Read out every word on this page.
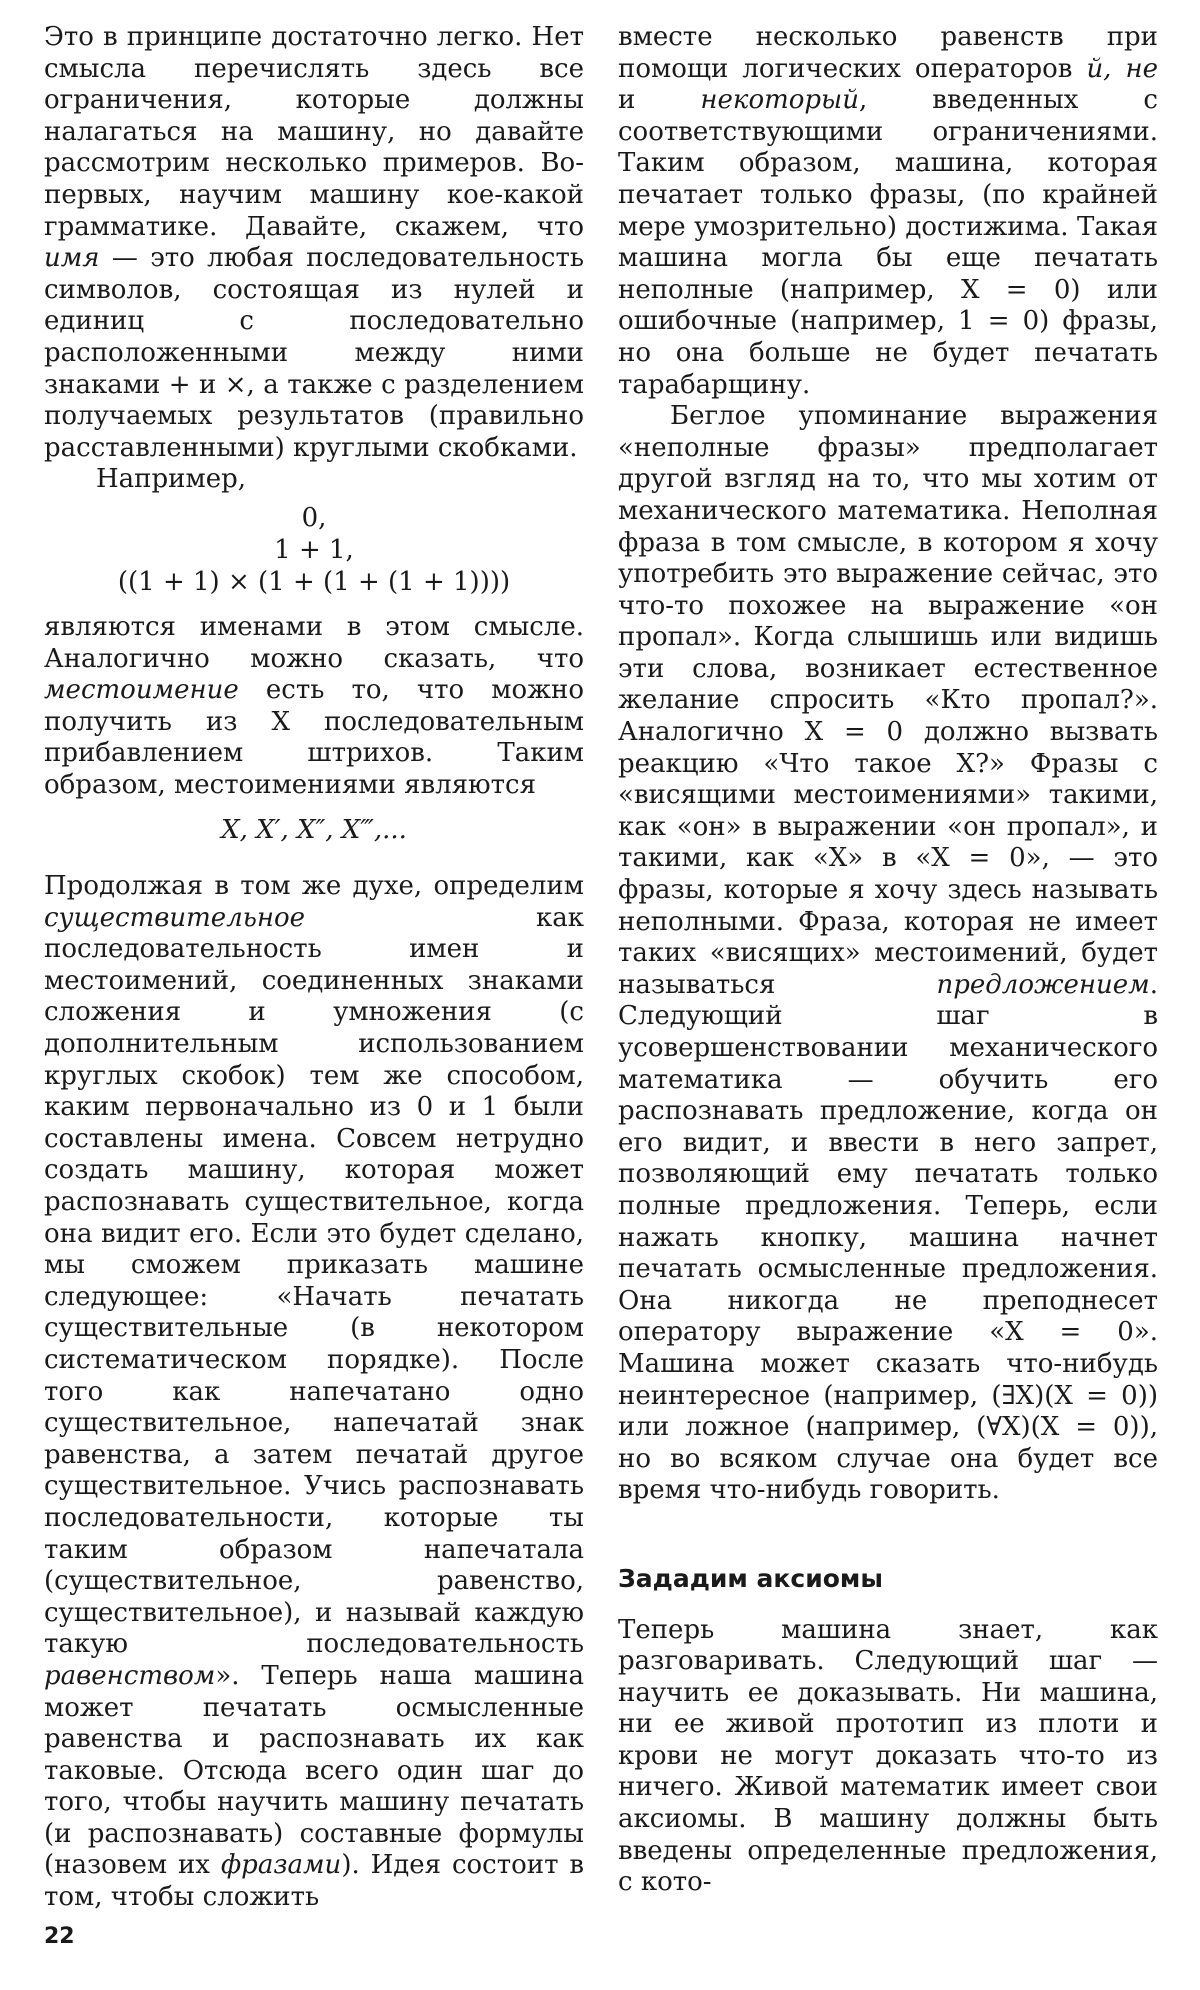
Это в принципе достаточно легко. Нет смысла перечислять здесь все ограничения, которые должны налагаться на машину, но давайте рассмотрим несколько примеров. Во-первых, научим машину кое-какой грамматике. Давайте, скажем, что имя — это любая последовательность символов, состоящая из нулей и единиц с последовательно расположенными между ними знаками + и ×, а также с разделением получаемых результатов (правильно расставленными) круглыми скобками.

Например,

0,
1 + 1,
((1 + 1) × (1 + (1 + (1 + 1))))

являются именами в этом смысле. Аналогично можно сказать, что местоимение есть то, что можно получить из X последовательным прибавлением штрихов. Таким образом, местоимениями являются

X, X′, X″, X‴,...

Продолжая в том же духе, определим существительное	как последовательность имен и местоимений, соединенных знаками сложения и умножения (с дополнительным использованием круглых скобок) тем же способом, каким первоначально из 0 и 1 были составлены имена. Совсем нетрудно создать машину, которая может распознавать существительное, когда она видит его. Если это будет сделано, мы сможем приказать машине следующее: «Начать печатать существительные (в некотором систематическом порядке). После того как напечатано одно существительное, напечатай знак равенства, а затем печатай другое существительное. Учись распознавать последовательности, которые ты таким образом напечатала (существительное, равенство, существительное), и называй каждую такую последовательность равенством». Теперь наша машина может печатать осмысленные равенства и распознавать их как таковые. Отсюда всего один шаг до того, чтобы научить машину печатать (и распознавать) составные формулы (назовем их фразами). Идея состоит в том, чтобы сложить

вместе несколько равенств при помощи логических операторов й, не и	некоторый, введенных с соответствующими ограничениями. Таким образом, машина, которая печатает только фразы, (по крайней мере умозрительно) достижима. Такая машина могла бы еще печатать неполные (например, X = 0) или ошибочные (например, 1 = 0) фразы, но она больше не будет печатать тарабарщину.

Беглое упоминание выражения «неполные фразы» предполагает другой взгляд на то, что мы хотим от механического математика. Неполная фраза в том смысле, в котором я хочу употребить это выражение сейчас, это что-то похожее на выражение «он пропал». Когда слышишь или видишь эти слова, возникает естественное желание спросить «Кто пропал?». Аналогично X = 0 должно вызвать реакцию «Что такое X?» Фразы с «висящими местоимениями» такими, как «он» в выражении «он пропал», и такими, как «X» в «X = 0», — это фразы, которые я хочу здесь называть неполными. Фраза, которая не имеет таких «висящих» местоимений, будет называться	предложением. Следующий шаг в усовершенствовании механического математика — обучить его распознавать предложение, когда он его видит, и ввести в него запрет, позволяющий ему печатать только полные предложения. Теперь, если нажать кнопку, машина начнет печатать осмысленные предложения. Она никогда не преподнесет оператору выражение «X = 0». Машина может сказать что-нибудь неинтересное (например, (∃X)(X = 0)) или ложное (например, (∀X)(X = 0)), но во всяком случае она будет все время что-нибудь говорить.

Зададим аксиомы

Теперь машина знает, как разговаривать. Следующий шаг — научить ее доказывать. Ни машина, ни ее живой прототип из плоти и крови не могут доказать что-то из ничего. Живой математик имеет свои аксиомы. В машину должны быть введены определенные предложения, с кото-

22
